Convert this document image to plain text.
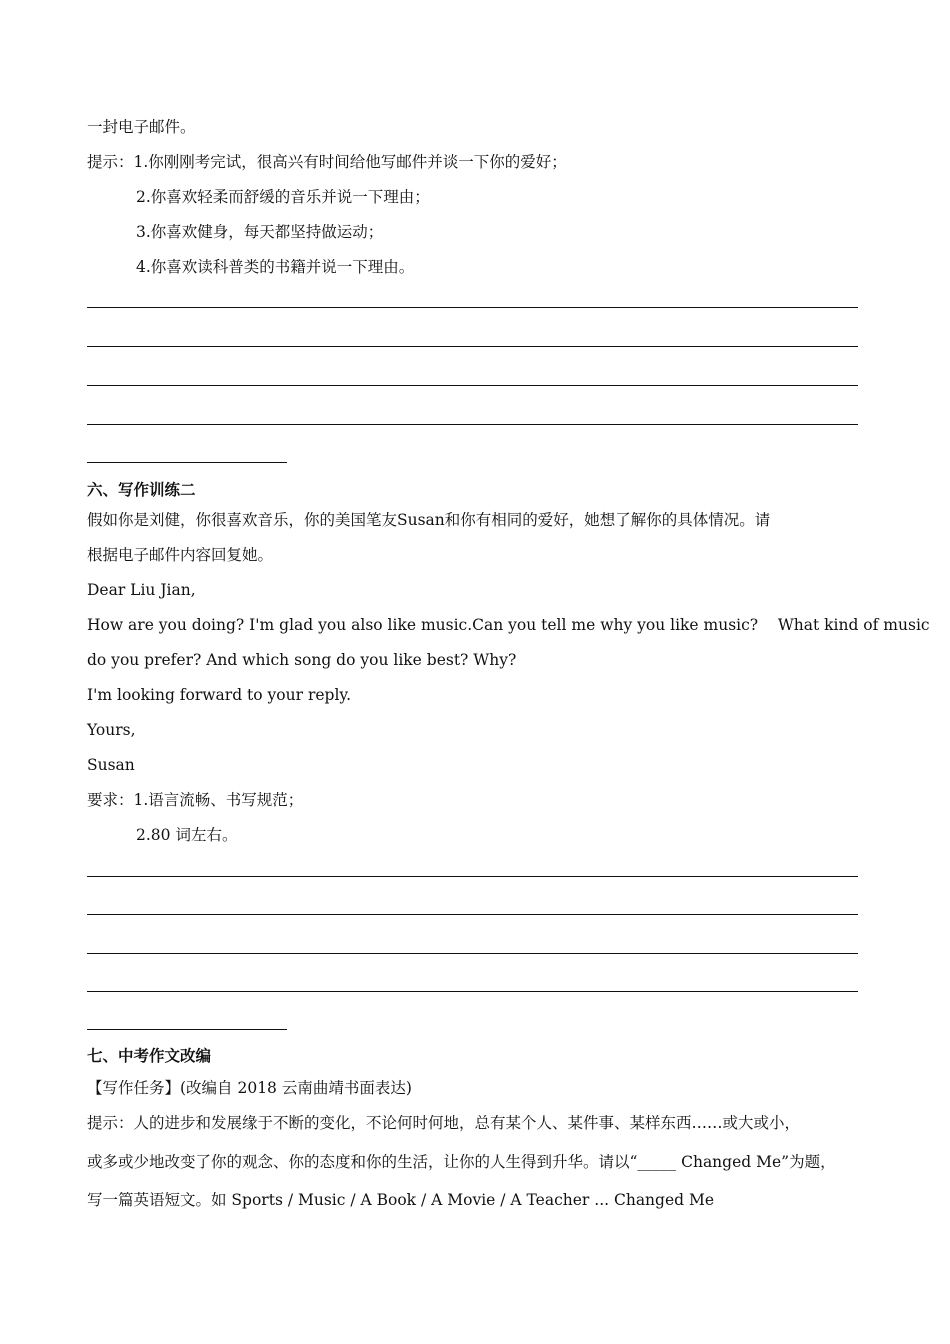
一封电子邮件。
提示：1.你刚刚考完试，很高兴有时间给他写邮件并谈一下你的爱好；
2.你喜欢轻柔而舒缓的音乐并说一下理由；
3.你喜欢健身，每天都坚持做运动；
4.你喜欢读科普类的书籍并说一下理由。
六、写作训练二
假如你是刘健，你很喜欢音乐，你的美国笔友Susan和你有相同的爱好，她想了解你的具体情况。请
根据电子邮件内容回复她。
Dear Liu Jian,
How are you doing? I'm glad you also like music.Can you tell me why you like music?    What kind of music
do you prefer? And which song do you like best? Why?
I'm looking forward to your reply.
Yours,
Susan
要求：1.语言流畅、书写规范；
2.80 词左右。
七、中考作文改编
【写作任务】(改编自 2018 云南曲靖书面表达)
提示：人的进步和发展缘于不断的变化，不论何时何地，总有某个人、某件事、某样东西……或大或小，
或多或少地改变了你的观念、你的态度和你的生活，让你的人生得到升华。请以“_____ Changed Me”为题，
写一篇英语短文。如 Sports / Music / A Book / A Movie / A Teacher ... Changed Me
